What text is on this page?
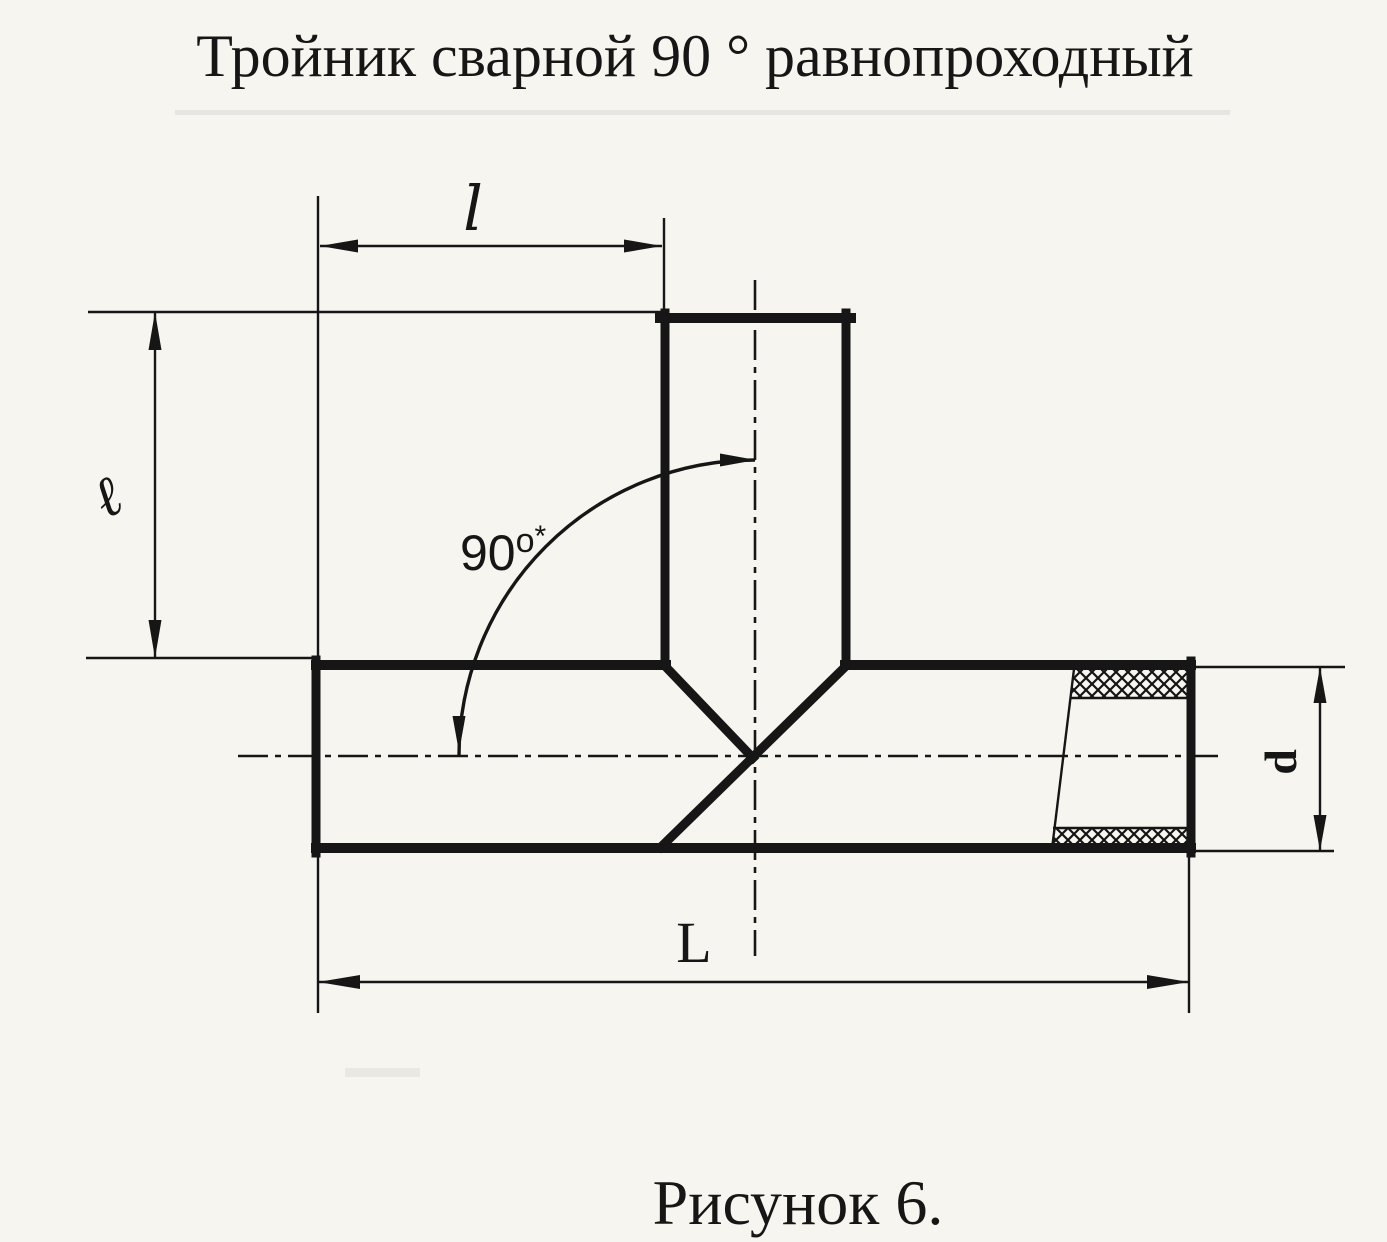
Тройник сварной 90 ° равнопроходный
l
ℓ
L
d
90$^o$*
Рисунок 6.
